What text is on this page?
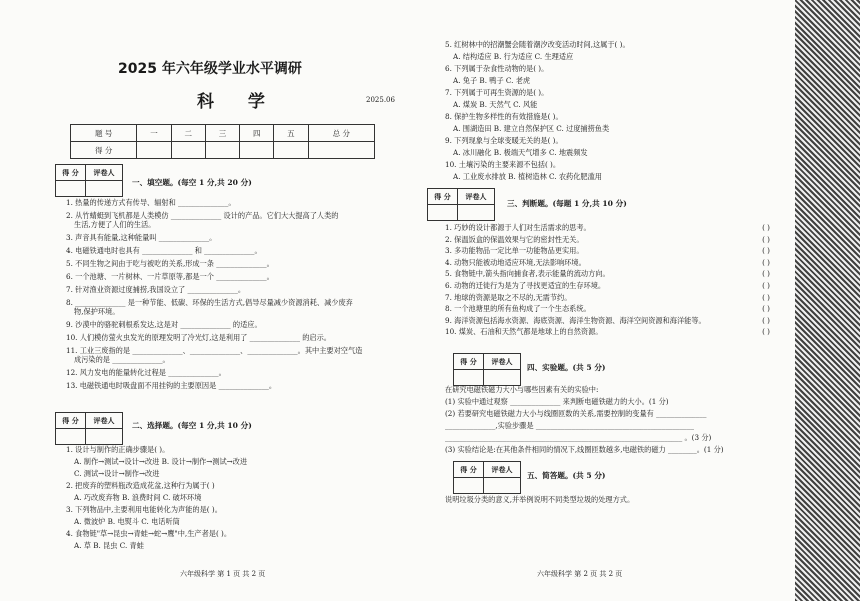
2025 年六年级学业水平调研
科 学	2025.06
题 号	一	二	三	四	五	总 分
得 分						
得 分	评卷人

一、填空题。(每空 1 分,共 20 分)
1. 热量的传递方式有传导、辐射和 ______________。
2. 从竹蜻蜓到飞机都是人类模仿 ______________ 设计的产品。它们大大提高了人类的
生活,方便了人们的生活。
3. 声音具有能量,这种能量叫 ______________。
4. 电磁铁通电时也具有 ______________ 和 ______________。
5. 不同生物之间由于吃与被吃的关系,形成一条 ______________。
6. 一个池塘、一片树林、一片草原等,都是一个 ______________。
7. 针对渔业资源过度捕捞,我国设立了 ______________。
8. ______________ 是一种节能、低碳、环保的生活方式,倡导尽量减少资源消耗、减少废弃
物,保护环境。
9. 沙漠中的骆驼刺根系发达,这是对 ______________ 的适应。
10. 人们模仿萤火虫发光的原理发明了冷光灯,这是利用了 ______________ 的启示。
11. 工业三废指的是 ______________、______________、______________。其中主要对空气造
成污染的是 ______________。
12. 风力发电的能量转化过程是 ______________。
13. 电磁铁通电时吸盘面不用挂钩的主要原因是 ______________。
得 分	评卷人

二、选择题。(每空 1 分,共 10 分)
1. 设计与制作的正确步骤是( )。
A. 制作→测试→设计→改进 B. 设计→制作→测试→改进
C. 测试→设计→制作→改进
2. 把废弃的塑料瓶改造成花盆,这种行为属于( )
A. 巧改废弃物 B. 浪费时间 C. 破坏环境
3. 下列物品中,主要利用电能转化为声能的是( )。
A. 微波炉 B. 电熨斗 C. 电话听筒
4. 食物链"草→昆虫→青蛙→蛇→鹰"中,生产者是( )。
A. 草 B. 昆虫 C. 青蛙
六年级科学 第 1 页 共 2 页
5. 红树林中的招潮蟹会随着潮汐改变活动时间,这属于( )。
A. 结构适应 B. 行为适应 C. 生理适应
6. 下列属于杂食性动物的是( )。
A. 兔子 B. 鸭子 C. 老虎
7. 下列属于可再生资源的是( )。
A. 煤炭 B. 天然气 C. 风能
8. 保护生物多样性的有效措施是( )。
A. 围湖造田 B. 建立自然保护区 C. 过度捕捞鱼类
9. 下列现象与全球变暖无关的是( )。
A. 冰川融化 B. 极端天气增多 C. 地震频发
10. 土壤污染的主要来源不包括( )。
A. 工业废水排放 B. 植树造林 C. 农药化肥滥用
得 分	评卷人

三、判断题。(每题 1 分,共 10 分)
1. 巧妙的设计都源于人们对生活需求的思考。	( )
2. 保温饭盒的保温效果与它的密封性无关。	( )
3. 多功能物品一定比单一功能物品更实用。	( )
4. 动物只能被动地适应环境,无法影响环境。	( )
5. 食物链中,箭头指向捕食者,表示能量的流动方向。	( )
6. 动物的迁徙行为是为了寻找更适宜的生存环境。	( )
7. 地球的资源是取之不尽的,无需节约。	( )
8. 一个池塘里的所有鱼构成了一个生态系统。	( )
9. 海洋资源包括海水资源、海底资源、海洋生物资源、海洋空间资源和海洋能等。	( )
10. 煤炭、石油和天然气都是地球上的自然资源。	( )
得 分	评卷人

四、实验题。(共 5 分)
在研究电磁铁磁力大小与哪些因素有关的实验中:
(1) 实验中通过观察 ______________ 来判断电磁铁磁力的大小。(1 分)
(2) 若要研究电磁铁磁力大小与线圈匝数的关系,需要控制的变量有 ______________
______________,实验步骤是 ____________________________________________
__________________________________________________________________ 。(3 分)
(3) 实验结论是:在其他条件相同的情况下,线圈匝数越多,电磁铁的磁力 ________。(1 分)
得 分	评卷人

五、简答题。(共 5 分)
说明垃圾分类的意义,并举例说明不同类型垃圾的处理方式。
六年级科学 第 2 页 共 2 页
